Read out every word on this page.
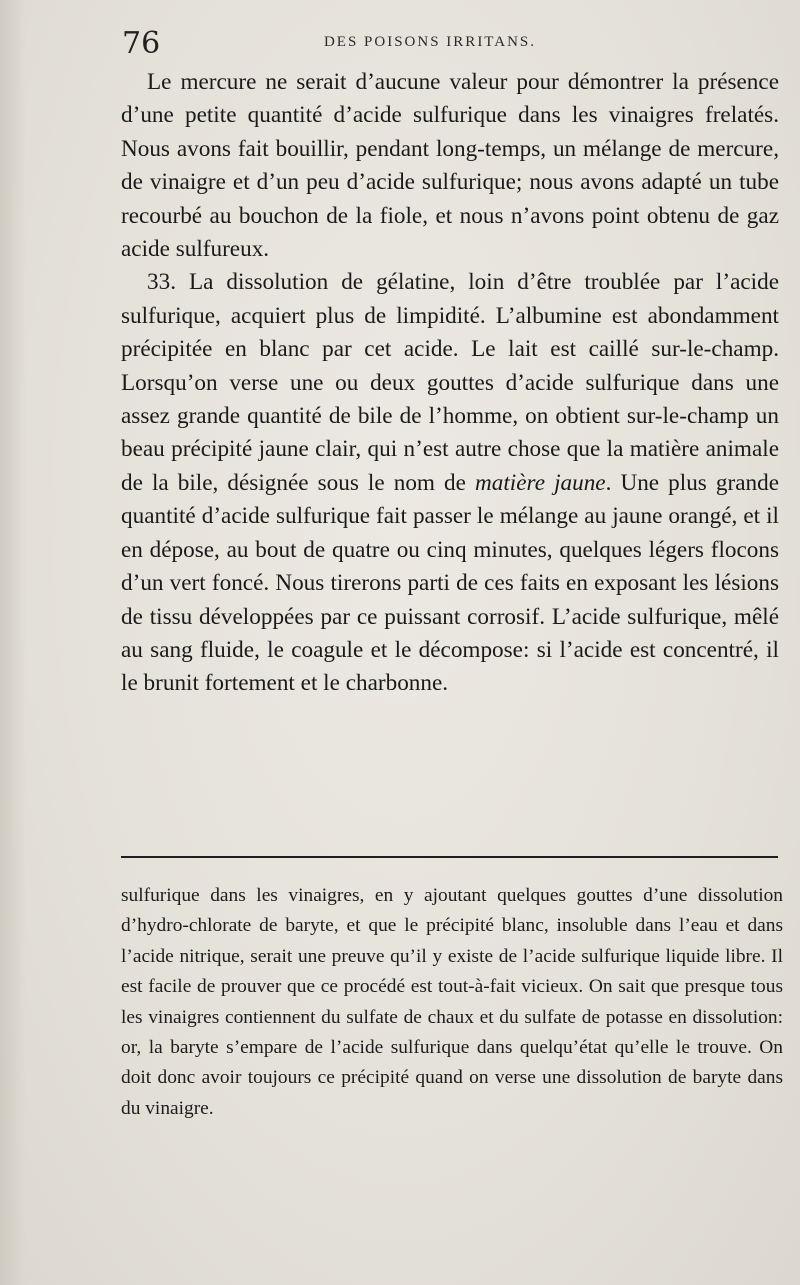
76	DES POISONS IRRITANS.

Le mercure ne serait d’aucune valeur pour démontrer la présence d’une petite quantité d’acide sulfurique dans les vinaigres frelatés. Nous avons fait bouillir, pendant long-temps, un mélange de mercure, de vinaigre et d’un peu d’acide sulfurique; nous avons adapté un tube recourbé au bouchon de la fiole, et nous n’avons point obtenu de gaz acide sulfureux.

33. La dissolution de gélatine, loin d’être troublée par l’acide sulfurique, acquiert plus de limpidité. L’albumine est abondamment précipitée en blanc par cet acide. Le lait est caillé sur-le-champ. Lorsqu’on verse une ou deux gouttes d’acide sulfurique dans une assez grande quantité de bile de l’homme, on obtient sur-le-champ un beau précipité jaune clair, qui n’est autre chose que la matière animale de la bile, désignée sous le nom de matière jaune. Une plus grande quantité d’acide sulfurique fait passer le mélange au jaune orangé, et il en dépose, au bout de quatre ou cinq minutes, quelques légers flocons d’un vert foncé. Nous tirerons parti de ces faits en exposant les lésions de tissu développées par ce puissant corrosif. L’acide sulfurique, mêlé au sang fluide, le coagule et le décompose: si l’acide est concentré, il le brunit fortement et le charbonne.

sulfurique dans les vinaigres, en y ajoutant quelques gouttes d’une dissolution d’hydro-chlorate de baryte, et que le précipité blanc, insoluble dans l’eau et dans l’acide nitrique, serait une preuve qu’il y existe de l’acide sulfurique liquide libre. Il est facile de prouver que ce procédé est tout-à-fait vicieux. On sait que presque tous les vinaigres contiennent du sulfate de chaux et du sulfate de potasse en dissolution: or, la baryte s’empare de l’acide sulfurique dans quelqu’état qu’elle le trouve. On doit donc avoir toujours ce précipité quand on verse une dissolution de baryte dans du vinaigre.
